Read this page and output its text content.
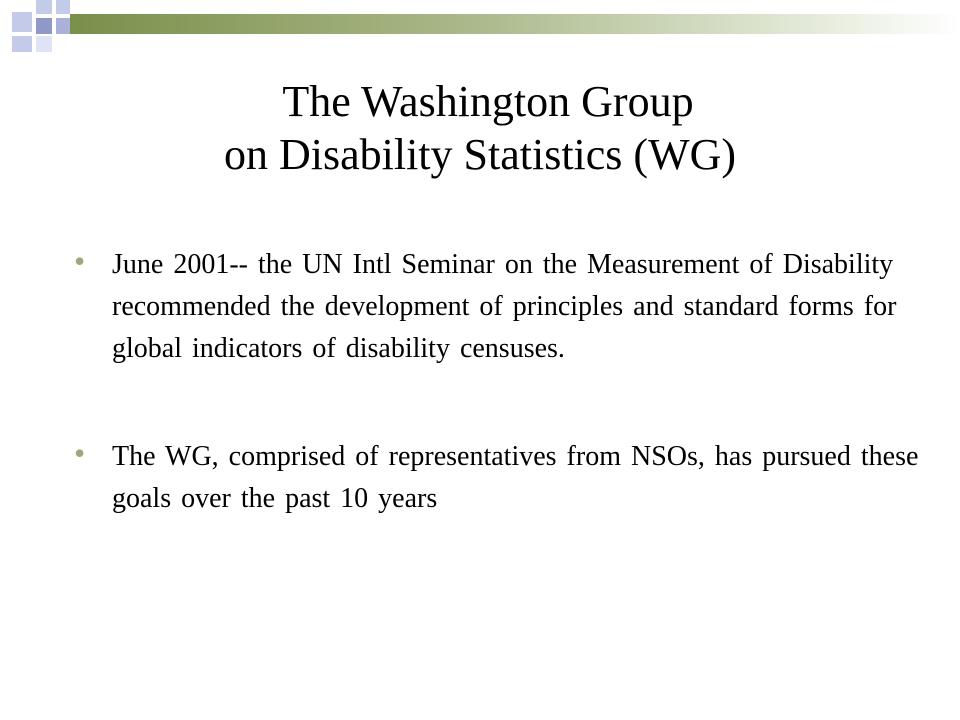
The Washington Group
on Disability Statistics (WG)
• June 2001-- the UN Intl Seminar on the Measurement of Disability recommended the development of principles and standard forms for global indicators of disability censuses.
• The WG, comprised of representatives from NSOs, has pursued these goals over the past 10 years
